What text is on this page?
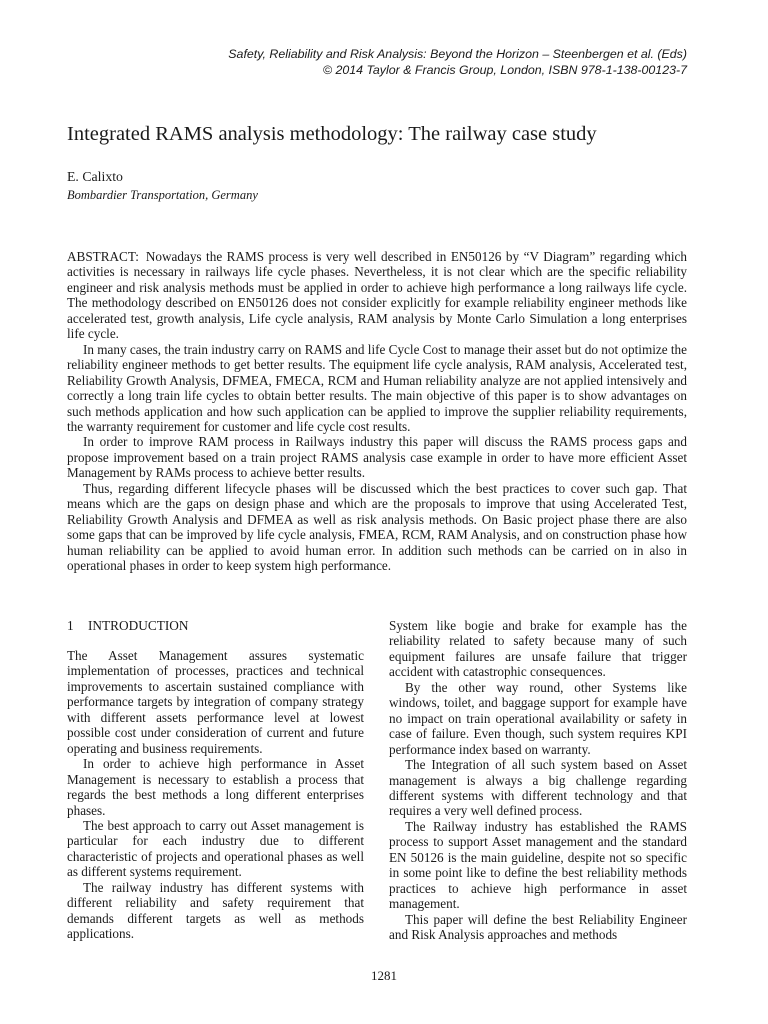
Safety, Reliability and Risk Analysis: Beyond the Horizon – Steenbergen et al. (Eds)
© 2014 Taylor & Francis Group, London, ISBN 978-1-138-00123-7
Integrated RAMS analysis methodology: The railway case study
E. Calixto
Bombardier Transportation, Germany

ABSTRACT: Nowadays the RAMS process is very well described in EN50126 by “V Diagram” regarding which activities is necessary in railways life cycle phases. Nevertheless, it is not clear which are the specific reliability engineer and risk analysis methods must be applied in order to achieve high performance a long railways life cycle. The methodology described on EN50126 does not consider explicitly for example reliability engineer methods like accelerated test, growth analysis, Life cycle analysis, RAM analysis by Monte Carlo Simulation a long enterprises life cycle.

In many cases, the train industry carry on RAMS and life Cycle Cost to manage their asset but do not optimize the reliability engineer methods to get better results. The equipment life cycle analysis, RAM analysis, Accelerated test, Reliability Growth Analysis, DFMEA, FMECA, RCM and Human reliability analyze are not applied intensively and correctly a long train life cycles to obtain better results. The main objective of this paper is to show advantages on such methods application and how such application can be applied to improve the supplier reliability requirements, the warranty requirement for customer and life cycle cost results.

In order to improve RAM process in Railways industry this paper will discuss the RAMS process gaps and propose improvement based on a train project RAMS analysis case example in order to have more efficient Asset Management by RAMs process to achieve better results.

Thus, regarding different lifecycle phases will be discussed which the best practices to cover such gap. That means which are the gaps on design phase and which are the proposals to improve that using Accelerated Test, Reliability Growth Analysis and DFMEA as well as risk analysis methods. On Basic project phase there are also some gaps that can be improved by life cycle analysis, FMEA, RCM, RAM Analysis, and on construction phase how human reliability can be applied to avoid human error. In addition such methods can be carried on in also in operational phases in order to keep system high performance.

1 INTRODUCTION

The Asset Management assures systematic implementation of processes, practices and technical improvements to ascertain sustained compliance with performance targets by integration of company strategy with different assets performance level at lowest possible cost under consideration of current and future operating and business requirements.

In order to achieve high performance in Asset Management is necessary to establish a process that regards the best methods a long different enterprises phases.

The best approach to carry out Asset management is particular for each industry due to different characteristic of projects and operational phases as well as different systems requirement.

The railway industry has different systems with different reliability and safety requirement that demands different targets as well as methods applications.

System like bogie and brake for example has the reliability related to safety because many of such equipment failures are unsafe failure that trigger accident with catastrophic consequences.

By the other way round, other Systems like windows, toilet, and baggage support for example have no impact on train operational availability or safety in case of failure. Even though, such system requires KPI performance index based on warranty.

The Integration of all such system based on Asset management is always a big challenge regarding different systems with different technology and that requires a very well defined process.

The Railway industry has established the RAMS process to support Asset management and the standard EN 50126 is the main guideline, despite not so specific in some point like to define the best reliability methods practices to achieve high performance in asset management.

This paper will define the best Reliability Engineer and Risk Analysis approaches and methods

1281
